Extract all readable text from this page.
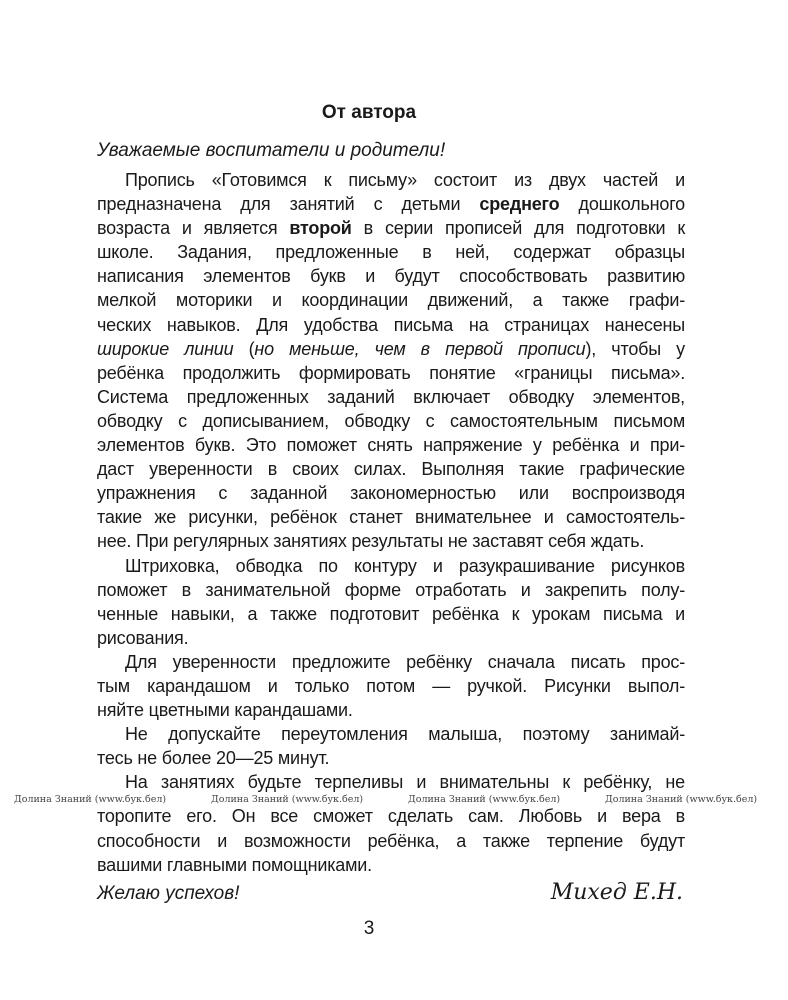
От автора
Уважаемые воспитатели и родители!
Пропись «Готовимся к письму» состоит из двух частей и
предназначена для занятий с детьми среднего дошкольного
возраста и является второй в серии прописей для подготовки к
школе. Задания, предложенные в ней, содержат образцы
написания элементов букв и будут способствовать развитию
мелкой моторики и координации движений, а также графи-
ческих навыков. Для удобства письма на страницах нанесены
широкие линии (но меньше, чем в первой прописи), чтобы у
ребёнка продолжить формировать понятие «границы письма».
Система предложенных заданий включает обводку элементов,
обводку с дописыванием, обводку с самостоятельным письмом
элементов букв. Это поможет снять напряжение у ребёнка и при-
даст уверенности в своих силах. Выполняя такие графические
упражнения с заданной закономерностью или воспроизводя
такие же рисунки, ребёнок станет внимательнее и самостоятель-
нее. При регулярных занятиях результаты не заставят себя ждать.
Штриховка, обводка по контуру и разукрашивание рисунков
поможет в занимательной форме отработать и закрепить полу-
ченные навыки, а также подготовит ребёнка к урокам письма и
рисования.
Для уверенности предложите ребёнку сначала писать прос-
тым карандашом и только потом — ручкой. Рисунки выпол-
няйте цветными карандашами.
Не допускайте переутомления малыша, поэтому занимай-
тесь не более 20—25 минут.
На занятиях будьте терпеливы и внимательны к ребёнку, не
торопите его. Он все сможет сделать сам. Любовь и вера в
способности и возможности ребёнка, а также терпение будут
вашими главными помощниками.
Долина Знаний (www.бук.бел)	Долина Знаний (www.бук.бел)	Долина Знаний (www.бук.бел)	Долина Знаний (www.бук.бел)
Желаю успехов!	Михед Е.Н.
3
